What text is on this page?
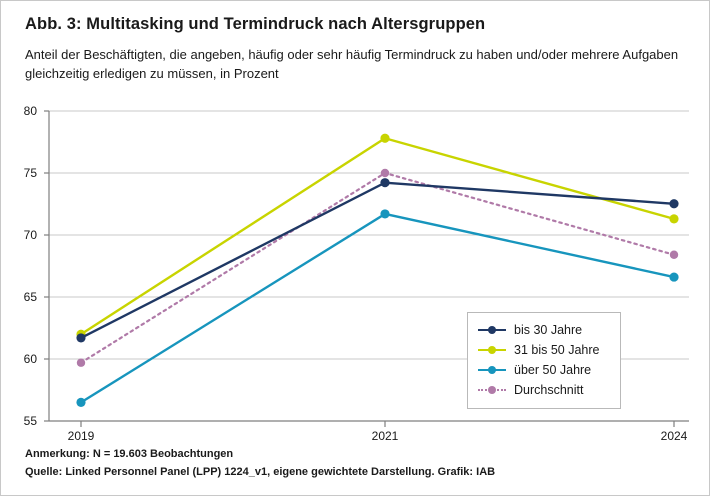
Abb. 3: Multitasking und Termindruck nach Altersgruppen
Anteil der Beschäftigten, die angeben, häufig oder sehr häufig Termindruck zu haben und/oder mehrere Aufgaben gleichzeitig erledigen zu müssen, in Prozent
80
75
70
65
60
55
2019	2021	2024
bis 30 Jahre
31 bis 50 Jahre
über 50 Jahre
Durchschnitt
Anmerkung: N = 19.603 Beobachtungen
Quelle: Linked Personnel Panel (LPP) 1224_v1, eigene gewichtete Darstellung. Grafik: IAB
